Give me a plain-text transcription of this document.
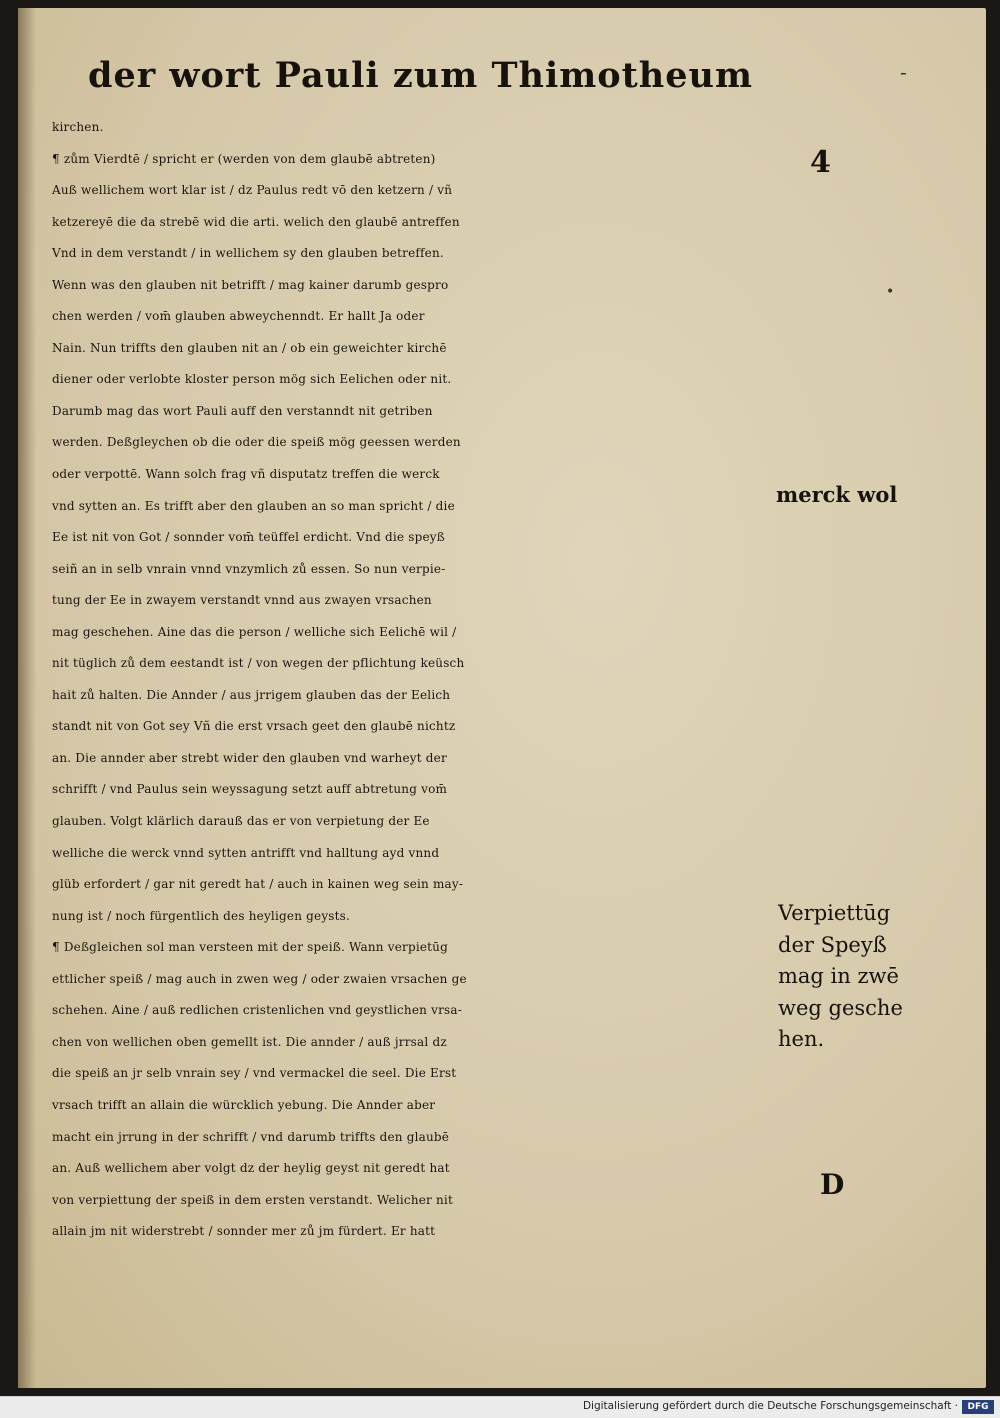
der wort Pauli zum Thimotheum	-
4
•
kirchen.
¶ zům Vierdtē / spricht er (werden von dem glaubē abtreten)
Auß wellichem wort klar ist / dz Paulus redt vō den ketzern / vñ
ketzereyē die da strebē wid die arti. welich den glaubē antreffen
Vnd in dem verstandt / in wellichem sy den glauben betreffen.
Wenn was den glauben nit betrifft / mag kainer darumb gespro
chen werden / vom̄ glauben abweychenndt. Er hallt Ja oder
Nain. Nun triffts den glauben nit an / ob ein geweichter kirchē
diener oder verlobte kloster person mög sich Eelichen oder nit.
Darumb mag das wort Pauli auff den verstanndt nit getriben
werden. Deßgleychen ob die oder die speiß mög geessen werden
oder verpottē. Wann solch frag vñ disputatz treffen die werck
vnd sytten an. Es trifft aber den glauben an so man spricht / die
Ee ist nit von Got / sonnder vom̄ teüffel erdicht. Vnd die speyß
seiñ an in selb vnrain vnnd vnzymlich zů essen. So nun verpie-
tung der Ee in zwayem verstandt vnnd aus zwayen vrsachen
mag geschehen. Aine das die person / welliche sich Eelichē wil /
nit tüglich zů dem eestandt ist / von wegen der pflichtung keüsch
hait zů halten. Die Annder / aus jrrigem glauben das der Eelich
standt nit von Got sey Vñ die erst vrsach geet den glaubē nichtz
an. Die annder aber strebt wider den glauben vnd warheyt der
schrifft / vnd Paulus sein weyssagung setzt auff abtretung vom̄
glauben. Volgt klärlich darauß das er von verpietung der Ee
welliche die werck vnnd sytten antrifft vnd halltung ayd vnnd
glüb erfordert / gar nit geredt hat / auch in kainen weg sein may-
nung ist / noch fürgentlich des heyligen geysts.
¶ Deßgleichen sol man versteen mit der speiß. Wann verpietūg
ettlicher speiß / mag auch in zwen weg / oder zwaien vrsachen ge
schehen. Aine / auß redlichen cristenlichen vnd geystlichen vrsa-
chen von wellichen oben gemellt ist. Die annder / auß jrrsal dz
die speiß an jr selb vnrain sey / vnd vermackel die seel. Die Erst
vrsach trifft an allain die würcklich yebung. Die Annder aber
macht ein jrrung in der schrifft / vnd darumb triffts den glaubē
an. Auß wellichem aber volgt dz der heylig geyst nit geredt hat
von verpiettung der speiß in dem ersten verstandt. Welicher nit
allain jm nit widerstrebt / sonnder mer zů jm fürdert. Er hatt
merck wol
Verpiettūg
der Speyß
mag in zwē
weg gesche
hen.
D
Digitalisierung gefördert durch die Deutsche Forschungsgemeinschaft ·	DFG
